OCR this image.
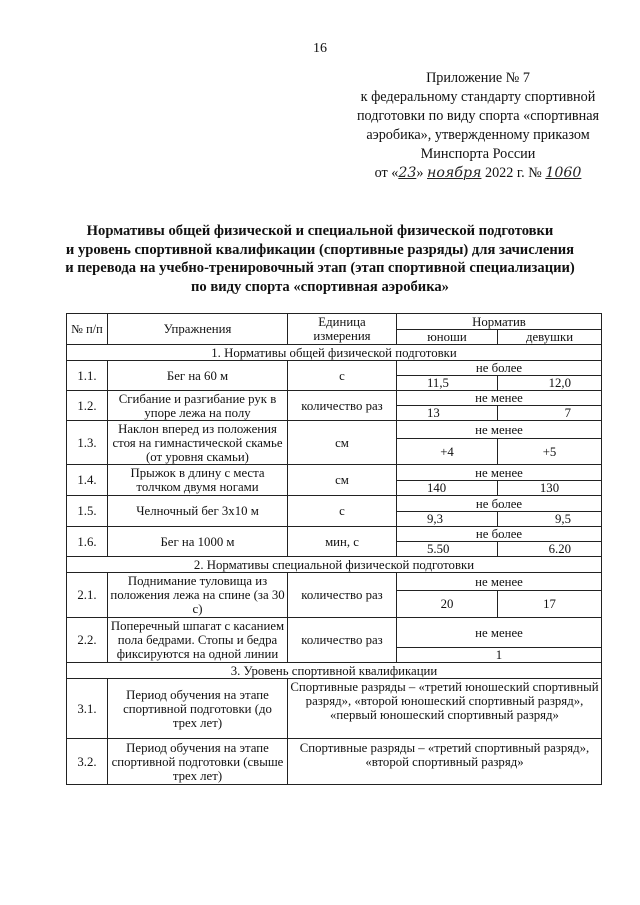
16
Приложение № 7
к федеральному стандарту спортивной
подготовки по виду спорта «спортивная
аэробика», утвержденному приказом
Минспорта России
от «23» ноября 2022 г. № 1060
Нормативы общей физической и специальной физической подготовки
и уровень спортивной квалификации (спортивные разряды) для зачисления
и перевода на учебно-тренировочный этап (этап спортивной специализации)
по виду спорта «спортивная аэробика»
№ п/п	Упражнения	Единица измерения	Норматив	
			юноши	девушки
1. Нормативы общей физической подготовки				
1.1.	Бег на 60 м	с	не более	
			11,5	12,0
1.2.	Сгибание и разгибание рук в упоре лежа на полу	количество раз	не менее	
			13	7
1.3.	Наклон вперед из положения стоя на гимнастической скамье (от уровня скамьи)	см	не менее	
			+4	+5
1.4.	Прыжок в длину с места толчком двумя ногами	см	не менее	
			140	130
1.5.	Челночный бег 3х10 м	с	не более	
			9,3	9,5
1.6.	Бег на 1000 м	мин, с	не более	
			5.50	6.20
2. Нормативы специальной физической подготовки				
2.1.	Поднимание туловища из положения лежа на спине (за 30 с)	количество раз	не менее	
			20	17
2.2.	Поперечный шпагат с касанием пола бедрами. Стопы и бедра фиксируются на одной линии	количество раз	не менее	
			1	
3. Уровень спортивной квалификации				
3.1.	Период обучения на этапе спортивной подготовки (до трех лет)	Спортивные разряды – «третий юношеский спортивный разряд», «второй юношеский спортивный разряд», «первый юношеский спортивный разряд»		
3.2.	Период обучения на этапе спортивной подготовки (свыше трех лет)	Спортивные разряды – «третий спортивный разряд», «второй спортивный разряд»		
